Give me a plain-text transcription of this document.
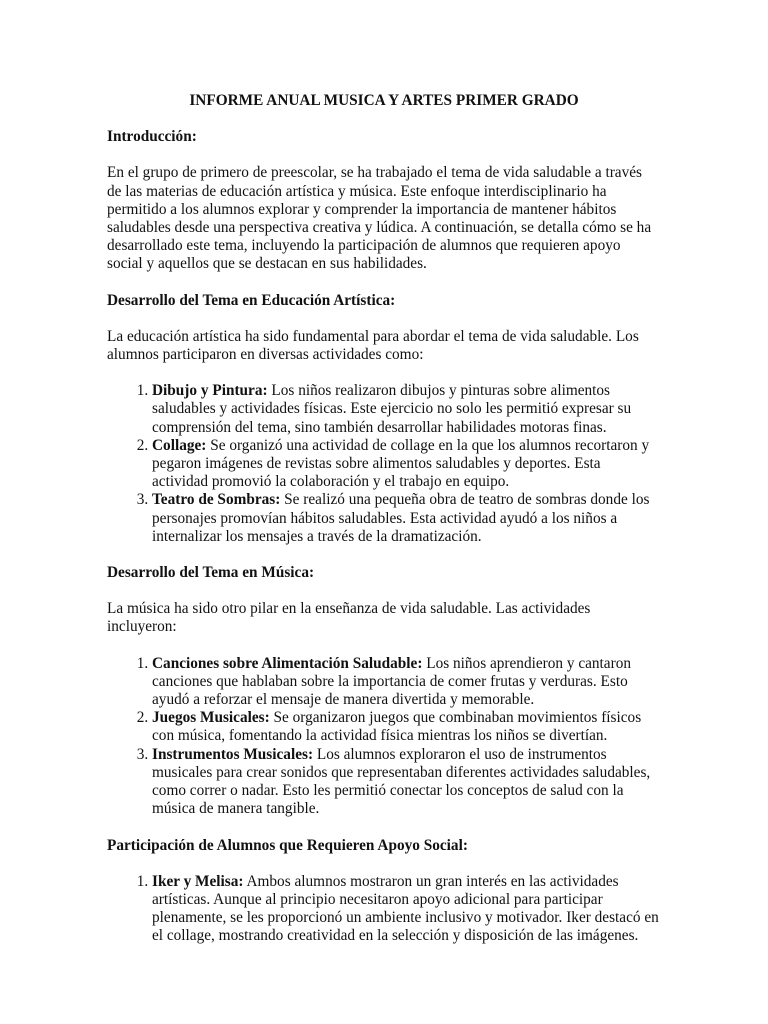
INFORME ANUAL MUSICA Y ARTES PRIMER GRADO
Introducción:
En el grupo de primero de preescolar, se ha trabajado el tema de vida saludable a través de las materias de educación artística y música. Este enfoque interdisciplinario ha permitido a los alumnos explorar y comprender la importancia de mantener hábitos saludables desde una perspectiva creativa y lúdica. A continuación, se detalla cómo se ha desarrollado este tema, incluyendo la participación de alumnos que requieren apoyo social y aquellos que se destacan en sus habilidades.
Desarrollo del Tema en Educación Artística:
La educación artística ha sido fundamental para abordar el tema de vida saludable. Los alumnos participaron en diversas actividades como:
1. Dibujo y Pintura: Los niños realizaron dibujos y pinturas sobre alimentos saludables y actividades físicas. Este ejercicio no solo les permitió expresar su comprensión del tema, sino también desarrollar habilidades motoras finas.
2. Collage: Se organizó una actividad de collage en la que los alumnos recortaron y pegaron imágenes de revistas sobre alimentos saludables y deportes. Esta actividad promovió la colaboración y el trabajo en equipo.
3. Teatro de Sombras: Se realizó una pequeña obra de teatro de sombras donde los personajes promovían hábitos saludables. Esta actividad ayudó a los niños a internalizar los mensajes a través de la dramatización.
Desarrollo del Tema en Música:
La música ha sido otro pilar en la enseñanza de vida saludable. Las actividades incluyeron:
1. Canciones sobre Alimentación Saludable: Los niños aprendieron y cantaron canciones que hablaban sobre la importancia de comer frutas y verduras. Esto ayudó a reforzar el mensaje de manera divertida y memorable.
2. Juegos Musicales: Se organizaron juegos que combinaban movimientos físicos con música, fomentando la actividad física mientras los niños se divertían.
3. Instrumentos Musicales: Los alumnos exploraron el uso de instrumentos musicales para crear sonidos que representaban diferentes actividades saludables, como correr o nadar. Esto les permitió conectar los conceptos de salud con la música de manera tangible.
Participación de Alumnos que Requieren Apoyo Social:
1. Iker y Melisa: Ambos alumnos mostraron un gran interés en las actividades artísticas. Aunque al principio necesitaron apoyo adicional para participar plenamente, se les proporcionó un ambiente inclusivo y motivador. Iker destacó en el collage, mostrando creatividad en la selección y disposición de las imágenes.
